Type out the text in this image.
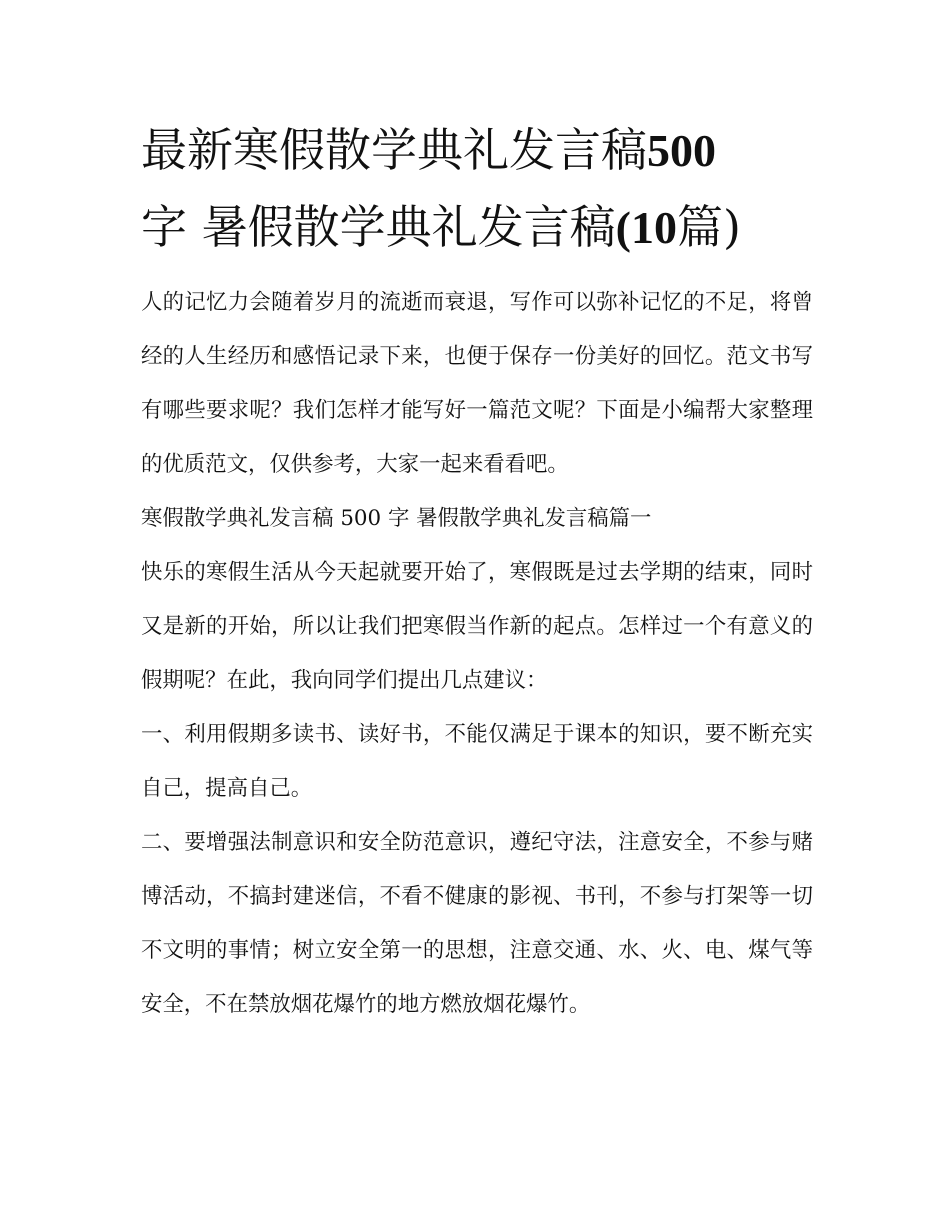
最新寒假散学典礼发言稿500
字 暑假散学典礼发言稿(10篇)

人的记忆力会随着岁月的流逝而衰退，写作可以弥补记忆的不足，将曾经的人生经历和感悟记录下来，也便于保存一份美好的回忆。范文书写有哪些要求呢？我们怎样才能写好一篇范文呢？下面是小编帮大家整理的优质范文，仅供参考，大家一起来看看吧。

寒假散学典礼发言稿 500 字 暑假散学典礼发言稿篇一

快乐的寒假生活从今天起就要开始了，寒假既是过去学期的结束，同时又是新的开始，所以让我们把寒假当作新的起点。怎样过一个有意义的假期呢？在此，我向同学们提出几点建议：

一、利用假期多读书、读好书，不能仅满足于课本的知识，要不断充实自己，提高自己。

二、要增强法制意识和安全防范意识，遵纪守法，注意安全，不参与赌博活动，不搞封建迷信，不看不健康的影视、书刊，不参与打架等一切不文明的事情；树立安全第一的思想，注意交通、水、火、电、煤气等安全，不在禁放烟花爆竹的地方燃放烟花爆竹。
